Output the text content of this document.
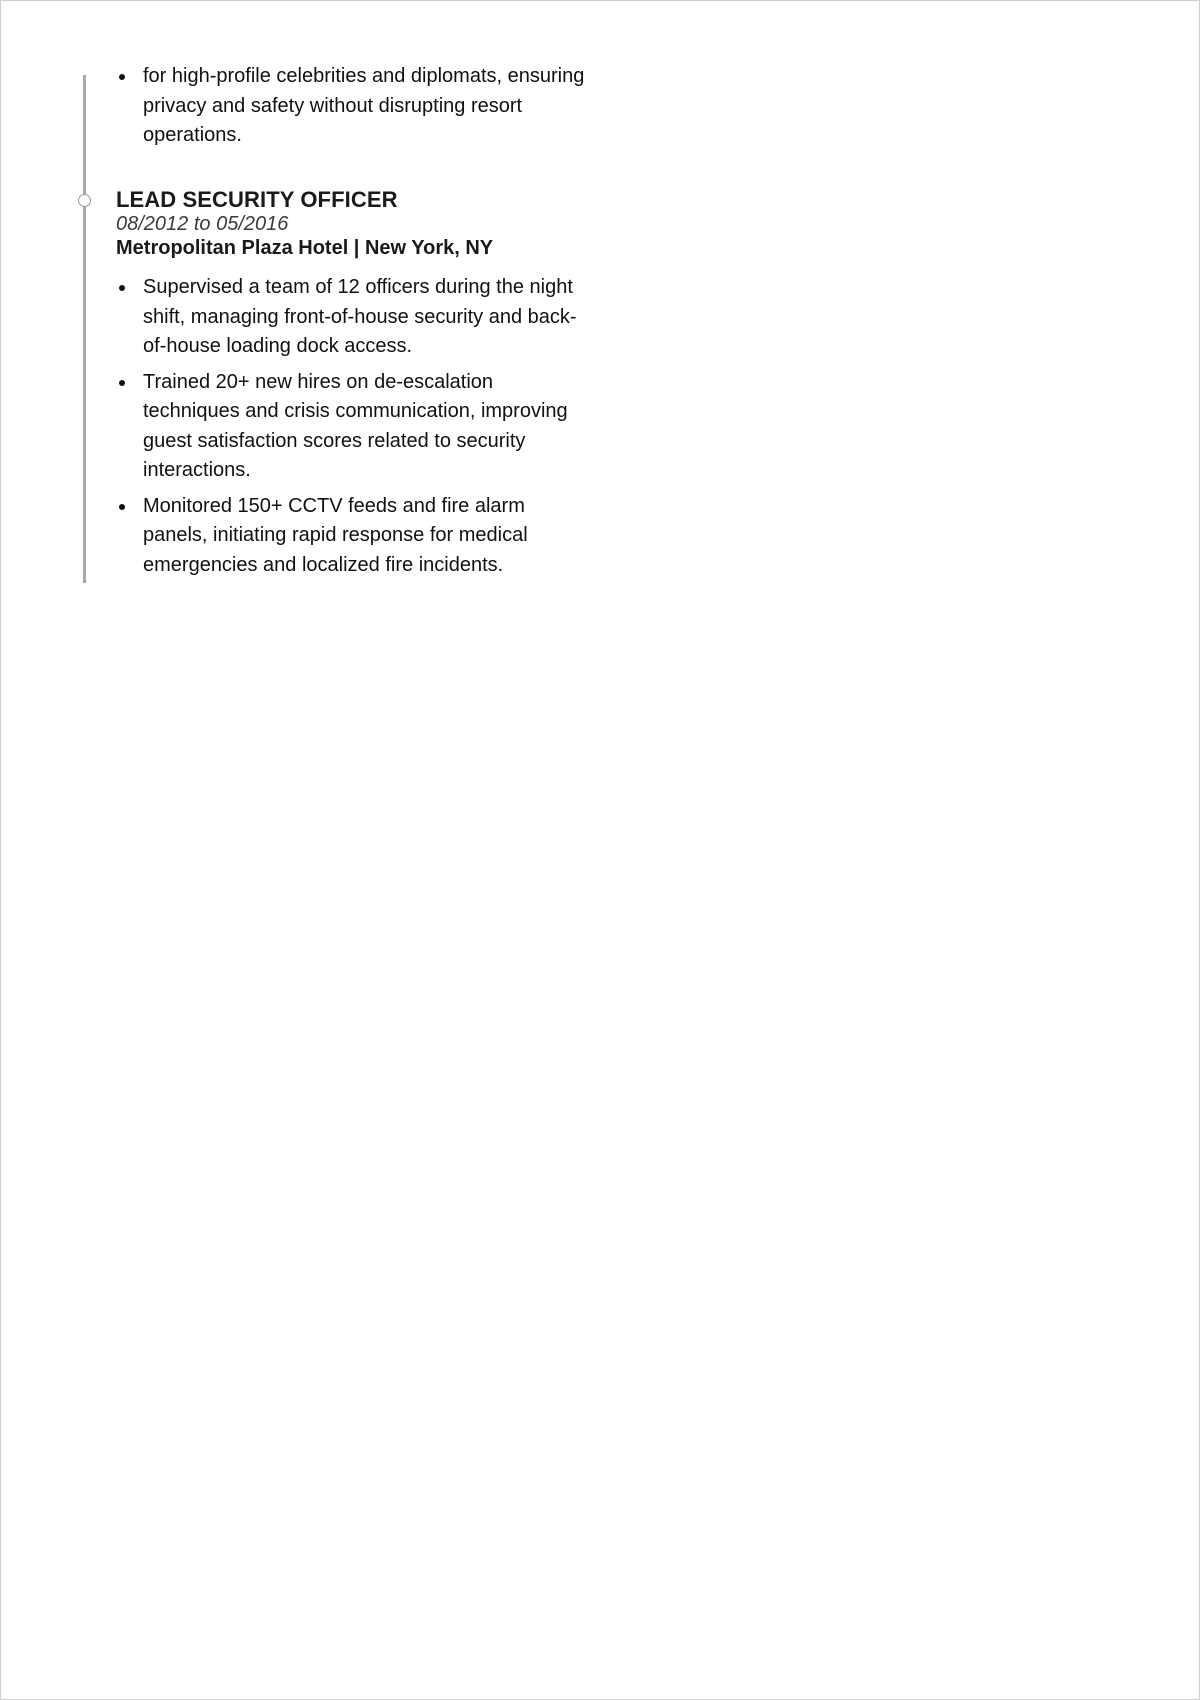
for high-profile celebrities and diplomats, ensuring privacy and safety without disrupting resort operations.
LEAD SECURITY OFFICER
08/2012 to 05/2016
Metropolitan Plaza Hotel | New York, NY
Supervised a team of 12 officers during the night shift, managing front-of-house security and back-of-house loading dock access.
Trained 20+ new hires on de-escalation techniques and crisis communication, improving guest satisfaction scores related to security interactions.
Monitored 150+ CCTV feeds and fire alarm panels, initiating rapid response for medical emergencies and localized fire incidents.
